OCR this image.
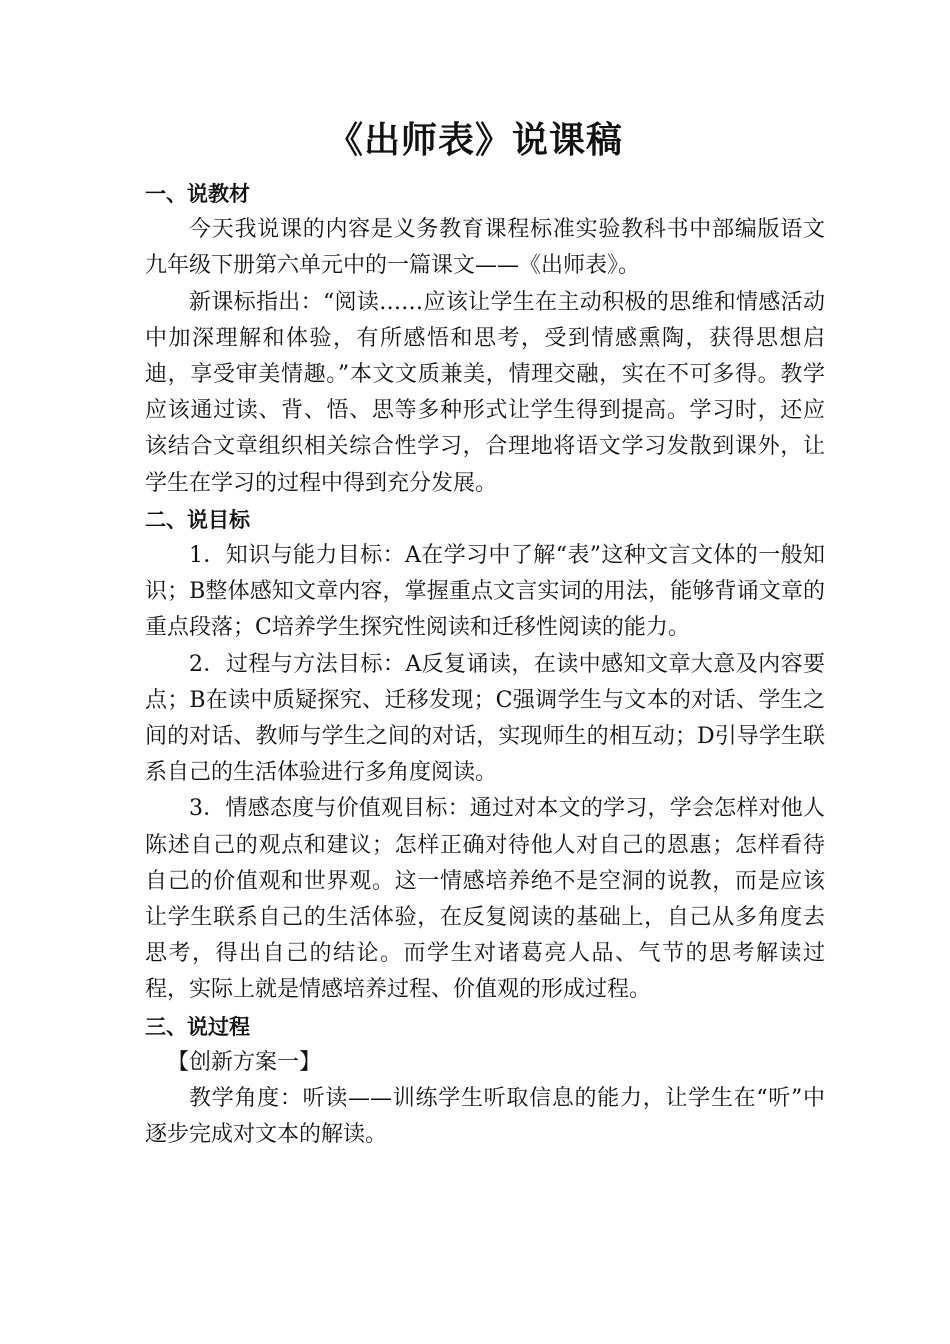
《出师表》说课稿

一、说教材

今天我说课的内容是义务教育课程标准实验教科书中部编版语文九年级下册第六单元中的一篇课文——《出师表》。

新课标指出：“阅读……应该让学生在主动积极的思维和情感活动中加深理解和体验，有所感悟和思考，受到情感熏陶，获得思想启迪，享受审美情趣。”本文文质兼美，情理交融，实在不可多得。教学应该通过读、背、悟、思等多种形式让学生得到提高。学习时，还应该结合文章组织相关综合性学习，合理地将语文学习发散到课外，让学生在学习的过程中得到充分发展。

二、说目标

1．知识与能力目标：A在学习中了解“表”这种文言文体的一般知识；B整体感知文章内容，掌握重点文言实词的用法，能够背诵文章的重点段落；C培养学生探究性阅读和迁移性阅读的能力。

2．过程与方法目标：A反复诵读，在读中感知文章大意及内容要点；B在读中质疑探究、迁移发现；C强调学生与文本的对话、学生之间的对话、教师与学生之间的对话，实现师生的相互动；D引导学生联系自己的生活体验进行多角度阅读。

3．情感态度与价值观目标：通过对本文的学习，学会怎样对他人陈述自己的观点和建议；怎样正确对待他人对自己的恩惠；怎样看待自己的价值观和世界观。这一情感培养绝不是空洞的说教，而是应该让学生联系自己的生活体验，在反复阅读的基础上，自己从多角度去思考，得出自己的结论。而学生对诸葛亮人品、气节的思考解读过程，实际上就是情感培养过程、价值观的形成过程。

三、说过程

【创新方案一】

教学角度：听读——训练学生听取信息的能力，让学生在“听”中逐步完成对文本的解读。
